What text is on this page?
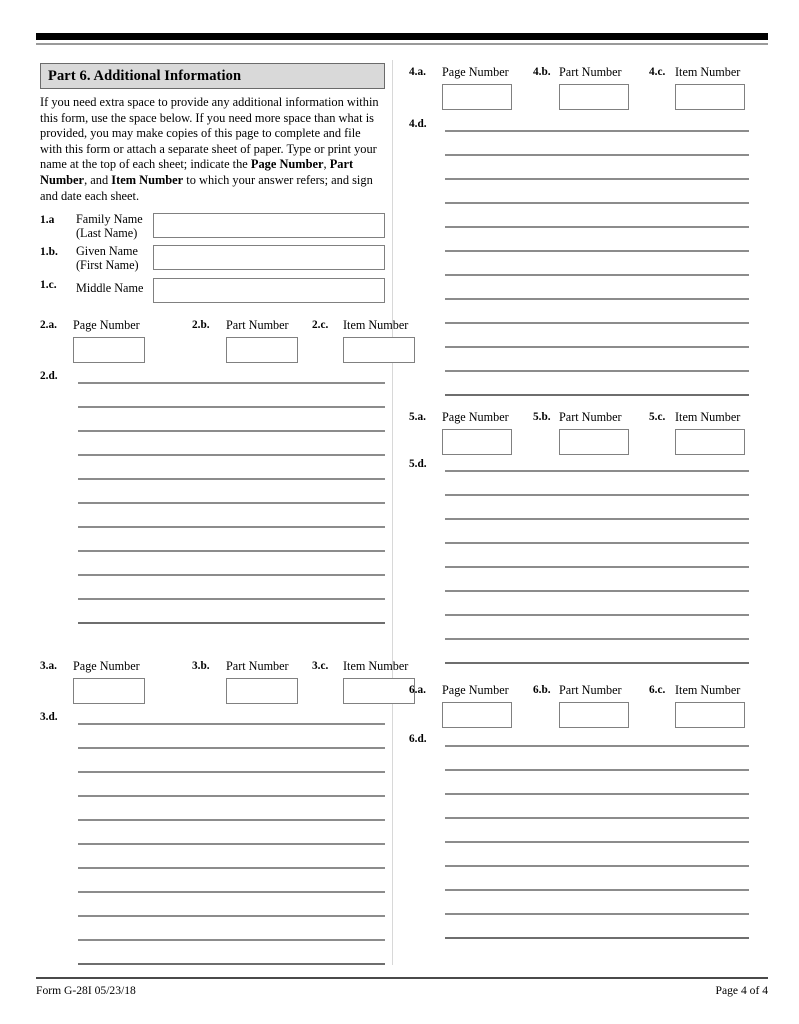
Part 6. Additional Information
If you need extra space to provide any additional information within this form, use the space below. If you need more space than what is provided, you may make copies of this page to complete and file with this form or attach a separate sheet of paper. Type or print your name at the top of each sheet; indicate the Page Number, Part Number, and Item Number to which your answer refers; and sign and date each sheet.
1.a Family Name
(Last Name)
1.b. Given Name
(First Name)
1.c. Middle Name
2.a. Page Number	2.b. Part Number 2.c. Item Number
2.d.
3.a. Page Number	3.b. Part Number 3.c. Item Number
3.d.
4.a. Page Number 4.b. Part Number 4.c. Item Number
4.d.
5.a. Page Number 5.b. Part Number 5.c. Item Number
5.d.
6.a. Page Number 6.b. Part Number 6.c. Item Number
6.d.
Form G-28I 05/23/18	Page 4 of 4
